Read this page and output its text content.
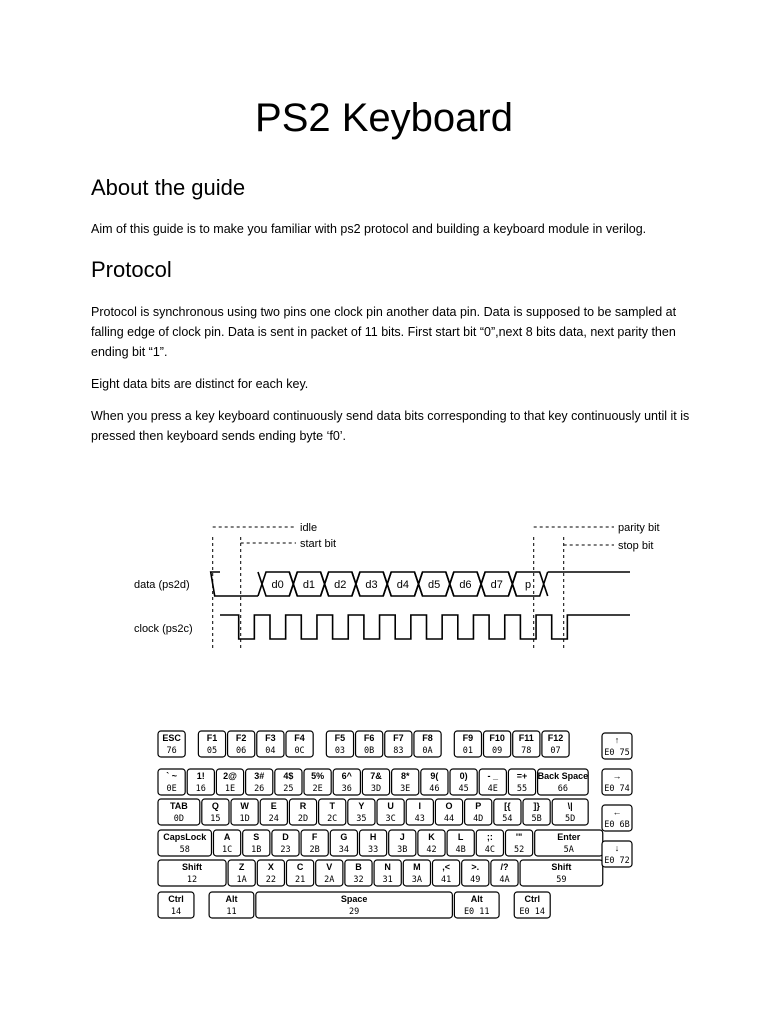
PS2 Keyboard
About the guide

Aim of this guide is to make you familiar with ps2 protocol and building a keyboard module in verilog.

Protocol

Protocol is synchronous using two pins one clock pin another data pin. Data is supposed to be sampled at falling edge of clock pin. Data is sent in packet of 11 bits. First start bit “0”,next 8 bits data, next parity then ending bit “1”.

Eight data bits are distinct for each key.

When you press a key keyboard continuously send data bits corresponding to that key continuously until it is pressed then keyboard sends ending byte ‘f0’.

data (ps2d)
clock (ps2c)
idle
start bit
parity bit
stop bit
d0 d1 d2 d3 d4 d5 d6 d7 p
ESC
76
F1
05
F2
06
F3
04
F4
0C
F5
03
F6
0B
F7
83
F8
0A
F9
01
F10
09
F11
78
F12
07
` ~
0E
1!
16
2@
1E
3#
26
4$
25
5%
2E
6^
36
7&
3D
8*
3E
9(
46
0)
45
- _
4E
=+
55
Back Space
66
TAB
0D
Q
15
W
1D
E
24
R
2D
T
2C
Y
35
U
3C
I
43
O
44
P
4D
[{
54
]}
5B
\|
5D
CapsLock
58
A
1C
S
1B
D
23
F
2B
G
34
H
33
J
3B
K
42
L
4B
;:
4C
'"
52
Enter
5A
Shift
12
Z
1A
X
22
C
21
V
2A
B
32
N
31
M
3A
,<
41
>.
49
/?
4A
Shift
59
Ctrl
14
Alt
11
Space
29
Alt
E0 11
Ctrl
E0 14
↑
E0 75
→
E0 74
←
E0 6B
↓
E0 72
